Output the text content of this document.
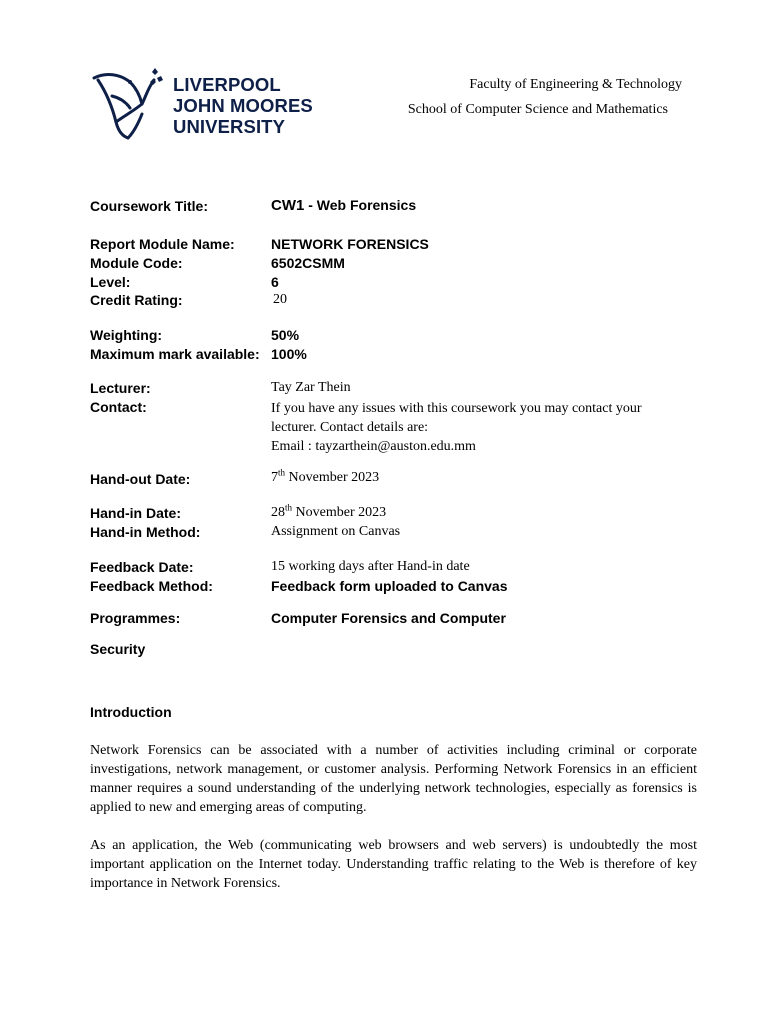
LIVERPOOL
JOHN MOORES
UNIVERSITY
Faculty of Engineering & Technology
School of Computer Science and Mathematics
Coursework Title:	CW1 - Web Forensics
Report Module Name:	NETWORK FORENSICS
Module Code:	6502CSMM
Level:	6
Credit Rating:	20
Weighting:	50%
Maximum mark available: 100%
Lecturer:	Tay Zar Thein
Contact:	If you have any issues with this coursework you may contact your
lecturer. Contact details are:
Email : tayzarthein@auston.edu.mm
Hand-out Date:	7th November 2023
Hand-in Date:	28th November 2023
Hand-in Method:	Assignment on Canvas
Feedback Date:	15 working days after Hand-in date
Feedback Method:	Feedback form uploaded to Canvas
Programmes:	Computer Forensics and Computer
Security
Introduction
Network Forensics can be associated with a number of activities including criminal or corporate investigations, network management, or customer analysis. Performing Network Forensics in an efficient manner requires a sound understanding of the underlying network technologies, especially as forensics is applied to new and emerging areas of computing.
As an application, the Web (communicating web browsers and web servers) is undoubtedly the most important application on the Internet today. Understanding traffic relating to the Web is therefore of key importance in Network Forensics.
